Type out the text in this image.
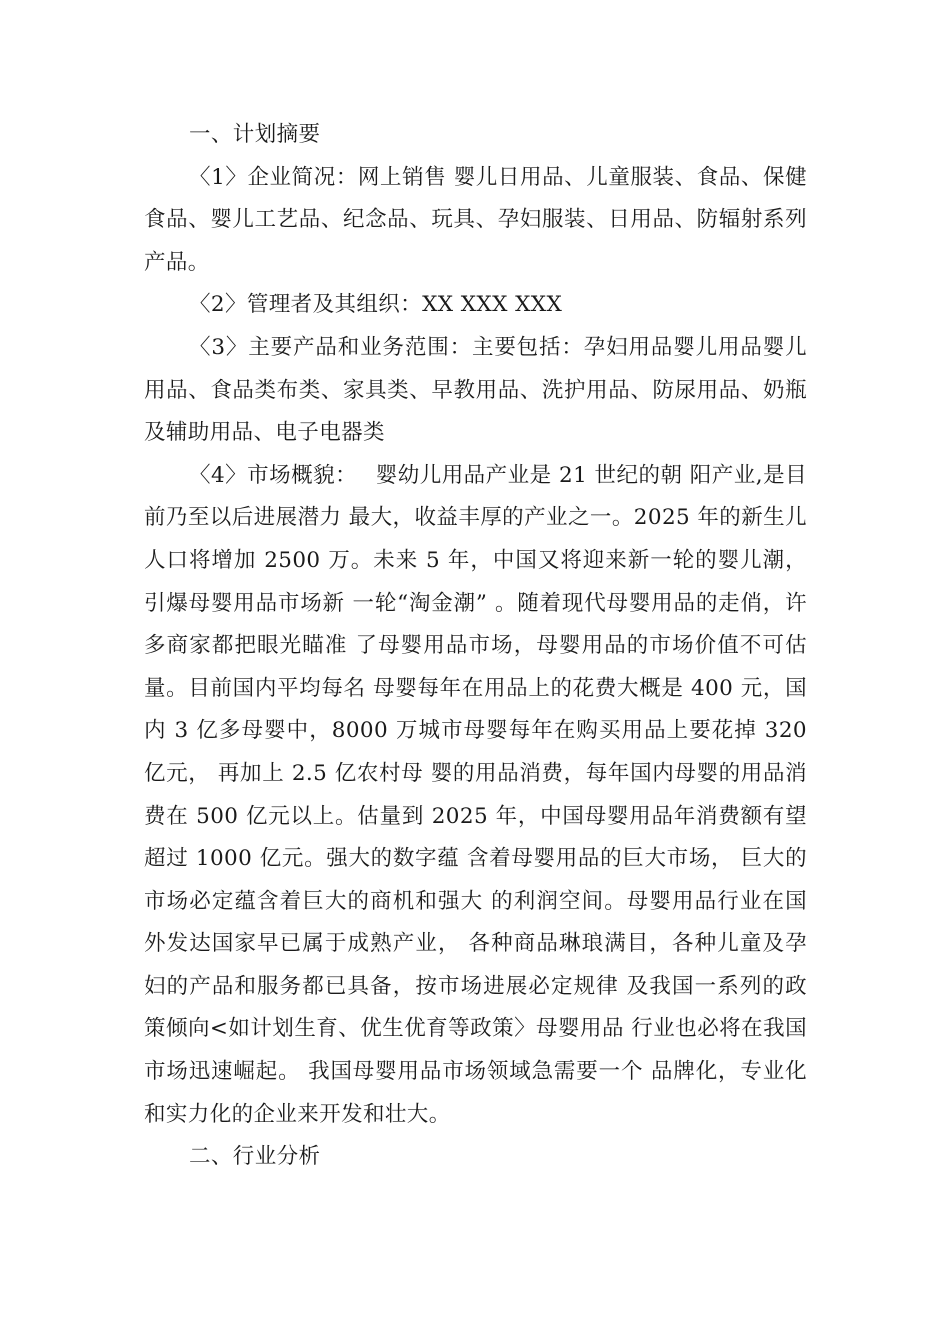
一、计划摘要

〈1〉企业简况：网上销售 婴儿日用品、儿童服装、食品、保健食品、婴儿工艺品、纪念品、玩具、孕妇服装、日用品、防辐射系列产品。

〈2〉管理者及其组织：XX XXX XXX

〈3〉主要产品和业务范围：主要包括：孕妇用品婴儿用品婴儿用品、食品类布类、家具类、早教用品、洗护用品、防尿用品、奶瓶及辅助用品、电子电器类

〈4〉市场概貌：　 婴幼儿用品产业是 21 世纪的朝 阳产业,是目前乃至以后进展潜力 最大，收益丰厚的产业之一。2025 年的新生儿人口将增加 2500 万。未来 5 年，中国又将迎来新一轮的婴儿潮，引爆母婴用品市场新 一轮“淘金潮” 。随着现代母婴用品的走俏，许多商家都把眼光瞄准 了母婴用品市场，母婴用品的市场价值不可估量。目前国内平均每名 母婴每年在用品上的花费大概是 400 元，国内 3 亿多母婴中，8000 万城市母婴每年在购买用品上要花掉 320 亿元， 再加上 2.5 亿农村母 婴的用品消费，每年国内母婴的用品消费在 500 亿元以上。估量到 2025 年，中国母婴用品年消费额有望超过 1000 亿元。强大的数字蕴 含着母婴用品的巨大市场， 巨大的市场必定蕴含着巨大的商机和强大 的利润空间。母婴用品行业在国外发达国家早已属于成熟产业， 各种商品琳琅满目，各种儿童及孕妇的产品和服务都已具备，按市场进展必定规律 及我国一系列的政策倾向<如计划生育、优生优育等政策〉母婴用品 行业也必将在我国市场迅速崛起。 我国母婴用品市场领域急需要一个 品牌化，专业化和实力化的企业来开发和壮大。

二、行业分析
